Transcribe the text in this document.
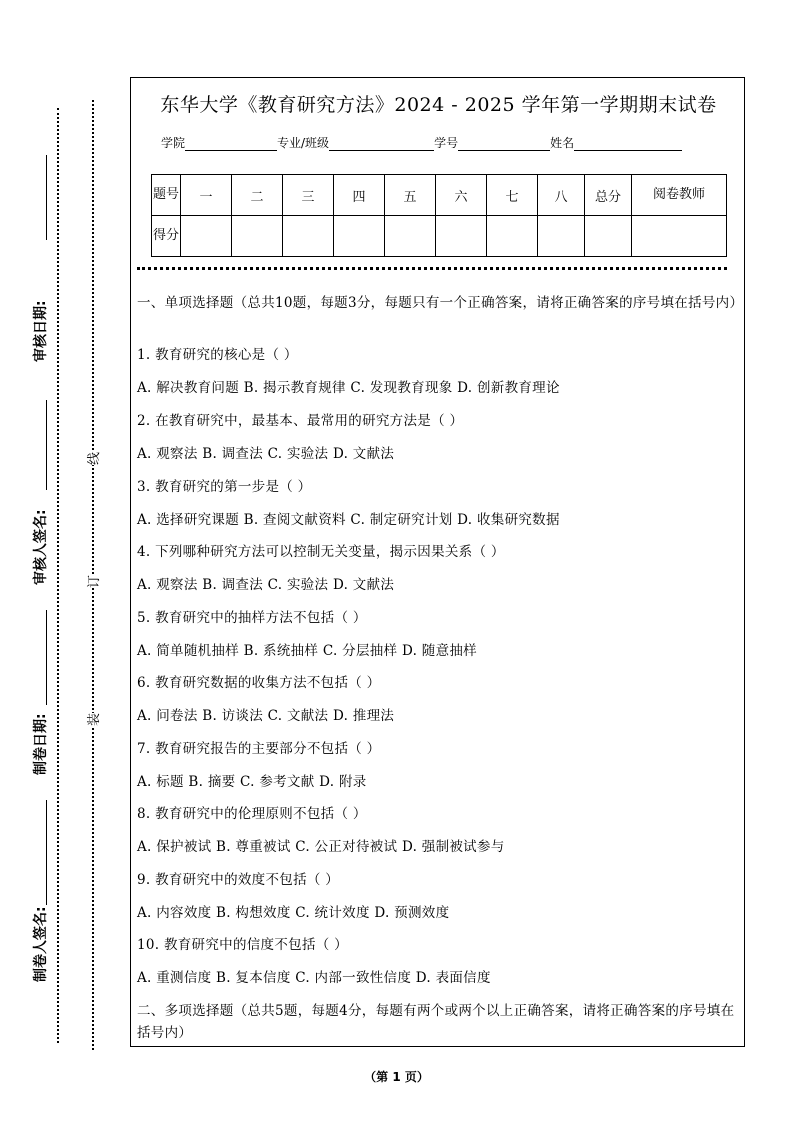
审核日期:
审核人签名:
制卷日期:
制卷人签名:
线
订
装
东华大学《教育研究方法》2024 - 2025 学年第一学期期末试卷
学院	专业/班级	学号	姓名
题号	一	二	三	四	五	六	七	八	总分	阅卷教师
得分										
一、单项选择题（总共10题，每题3分，每题只有一个正确答案，请将正确答案的序号填在括号内）
1. 教育研究的核心是（ ）
A. 解决教育问题 B. 揭示教育规律 C. 发现教育现象 D. 创新教育理论
2. 在教育研究中，最基本、最常用的研究方法是（ ）
A. 观察法 B. 调查法 C. 实验法 D. 文献法
3. 教育研究的第一步是（ ）
A. 选择研究课题 B. 查阅文献资料 C. 制定研究计划 D. 收集研究数据
4. 下列哪种研究方法可以控制无关变量，揭示因果关系（ ）
A. 观察法 B. 调查法 C. 实验法 D. 文献法
5. 教育研究中的抽样方法不包括（ ）
A. 简单随机抽样 B. 系统抽样 C. 分层抽样 D. 随意抽样
6. 教育研究数据的收集方法不包括（ ）
A. 问卷法 B. 访谈法 C. 文献法 D. 推理法
7. 教育研究报告的主要部分不包括（ ）
A. 标题 B. 摘要 C. 参考文献 D. 附录
8. 教育研究中的伦理原则不包括（ ）
A. 保护被试 B. 尊重被试 C. 公正对待被试 D. 强制被试参与
9. 教育研究中的效度不包括（ ）
A. 内容效度 B. 构想效度 C. 统计效度 D. 预测效度
10. 教育研究中的信度不包括（ ）
A. 重测信度 B. 复本信度 C. 内部一致性信度 D. 表面信度
二、多项选择题（总共5题，每题4分，每题有两个或两个以上正确答案，请将正确答案的序号填在括号内）
（第 1 页）
